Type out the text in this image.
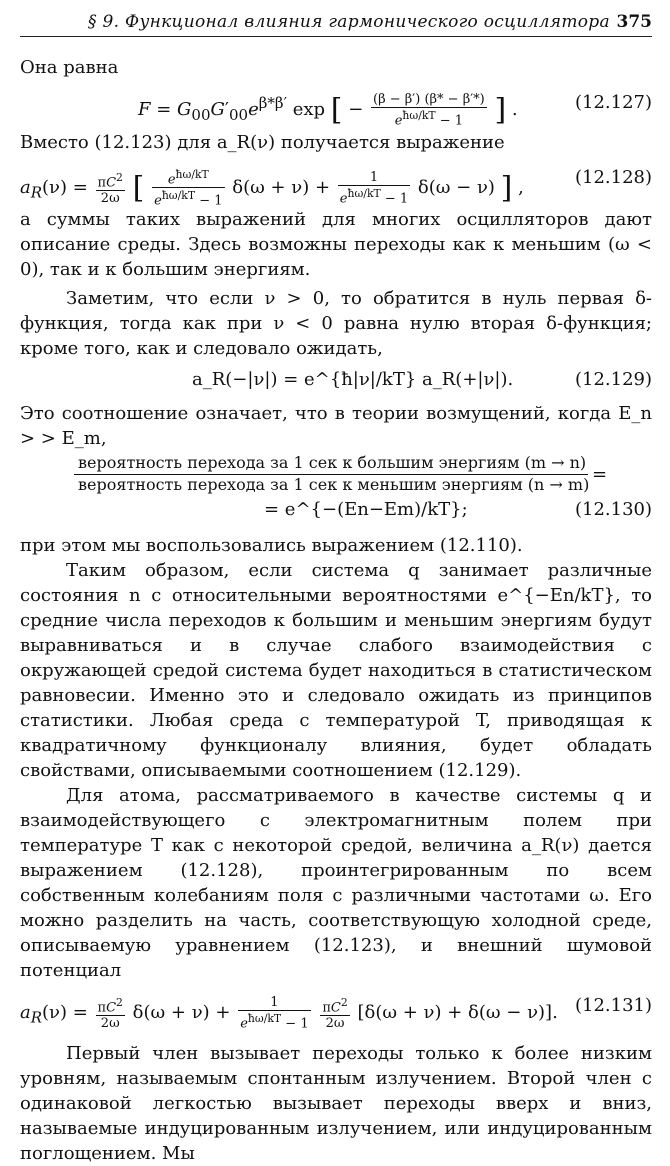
§ 9. Функционал влияния гармонического осциллятора 375

Она равна

$F = G_{00}G'_{00}e^{\beta*\beta'}$ exp [ − $\frac{(\beta - \beta') (\beta* - \beta'*)}{e^{ħ\omega/kT} - 1}$ ] .	(12.127)

Вместо (12.123) для a_R(ν) получается выражение

$a_R(\nu) = \frac{\pi C^2}{2\omega}$ [ $\frac{e^{ħ\omega/kT}}{e^{ħ\omega/kT} - 1} \delta(\omega + \nu) + \frac{1}{e^{ħ\omega/kT} - 1} \delta(\omega - \nu)$ ] ,	(12.128)

а суммы таких выражений для многих осцилляторов дают описание среды. Здесь возможны переходы как к меньшим (ω < 0), так и к большим энергиям.

Заметим, что если ν > 0, то обратится в нуль первая δ-функция, тогда как при ν < 0 равна нулю вторая δ-функция; кроме того, как и следовало ожидать,

a_R(−|ν|) = e^{ħ|ν|/kT} a_R(+|ν|).	(12.129)

Это соотношение означает, что в теории возмущений, когда E_n > > E_m,

вероятность перехода за 1 сек к большим энергиям (m → n)
вероятность перехода за 1 сек к меньшим энергиям (n → m) =
= e^{−(En−Em)/kT};	(12.130)

при этом мы воспользовались выражением (12.110).

Таким образом, если система q занимает различные состояния n с относительными вероятностями e^{−En/kT}, то средние числа переходов к большим и меньшим энергиям будут выравниваться и в случае слабого взаимодействия с окружающей средой система будет находиться в статистическом равновесии. Именно это и следовало ожидать из принципов статистики. Любая среда с температурой T, приводящая к квадратичному функционалу влияния, будет обладать свойствами, описываемыми соотношением (12.129).

Для атома, рассматриваемого в качестве системы q и взаимодействующего с электромагнитным полем при температуре T как с некоторой средой, величина a_R(ν) дается выражением (12.128), проинтегрированным по всем собственным колебаниям поля с различными частотами ω. Его можно разделить на часть, соответствующую холодной среде, описываемую уравнением (12.123), и внешний шумовой потенциал

$a_R(\nu) = \frac{\pi C^2}{2\omega} \delta(\omega + \nu) + \frac{1}{e^{ħ\omega/kT} - 1}$
$\frac{\pi C^2}{2\omega} [\delta(\omega + \nu) + \delta(\omega - \nu)]$. (12.131)

Первый член вызывает переходы только к более низким уровням, называемым спонтанным излучением. Второй член с одинаковой легкостью вызывает переходы вверх и вниз, называемые индуцированным излучением, или индуцированным поглощением. Мы
